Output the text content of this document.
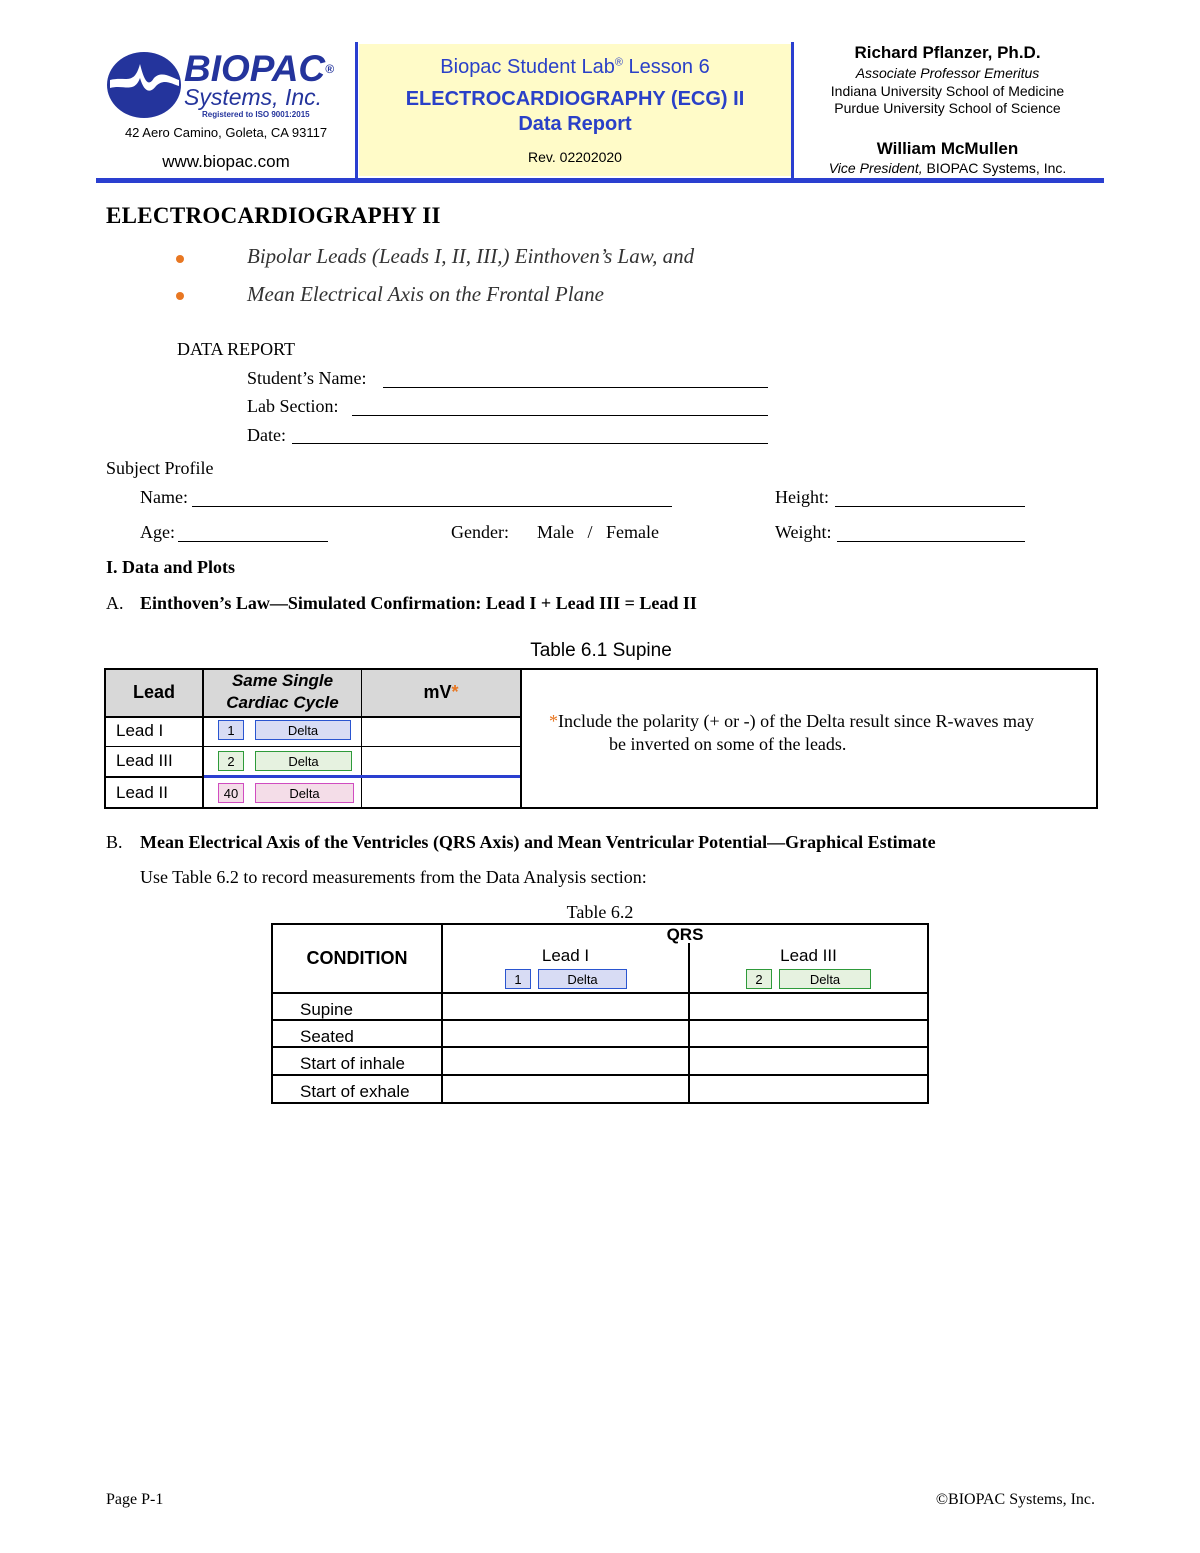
BIOPAC®
Systems, Inc.
Registered to ISO 9001:2015
42 Aero Camino, Goleta, CA 93117
www.biopac.com
Biopac Student Lab® Lesson 6
ELECTROCARDIOGRAPHY (ECG) II
Data Report
Rev. 02202020
Richard Pflanzer, Ph.D.
Associate Professor Emeritus
Indiana University School of Medicine
Purdue University School of Science
William McMullen
Vice President, BIOPAC Systems, Inc.
ELECTROCARDIOGRAPHY II
Bipolar Leads (Leads I, II, III,) Einthoven’s Law, and
Mean Electrical Axis on the Frontal Plane
DATA REPORT
Student’s Name:
Lab Section:
Date:
Subject Profile
Name:	Height:
Age:	Gender: Male   /   Female	Weight:
I. Data and Plots
A. Einthoven’s Law—Simulated Confirmation: Lead I + Lead III = Lead II
Table 6.1 Supine
Lead
Same Single Cardiac Cycle
mV*
Lead I	1	Delta
Lead III	2	Delta
Lead II	40	Delta
*Include the polarity (+ or -) of the Delta result since R-waves may
be inverted on some of the leads.
B. Mean Electrical Axis of the Ventricles (QRS Axis) and Mean Ventricular Potential—Graphical Estimate
Use Table 6.2 to record measurements from the Data Analysis section:
Table 6.2
CONDITION
QRS
Lead I	Lead III
1	Delta	2	Delta
Supine
Seated
Start of inhale
Start of exhale
Page P-1	©BIOPAC Systems, Inc.
